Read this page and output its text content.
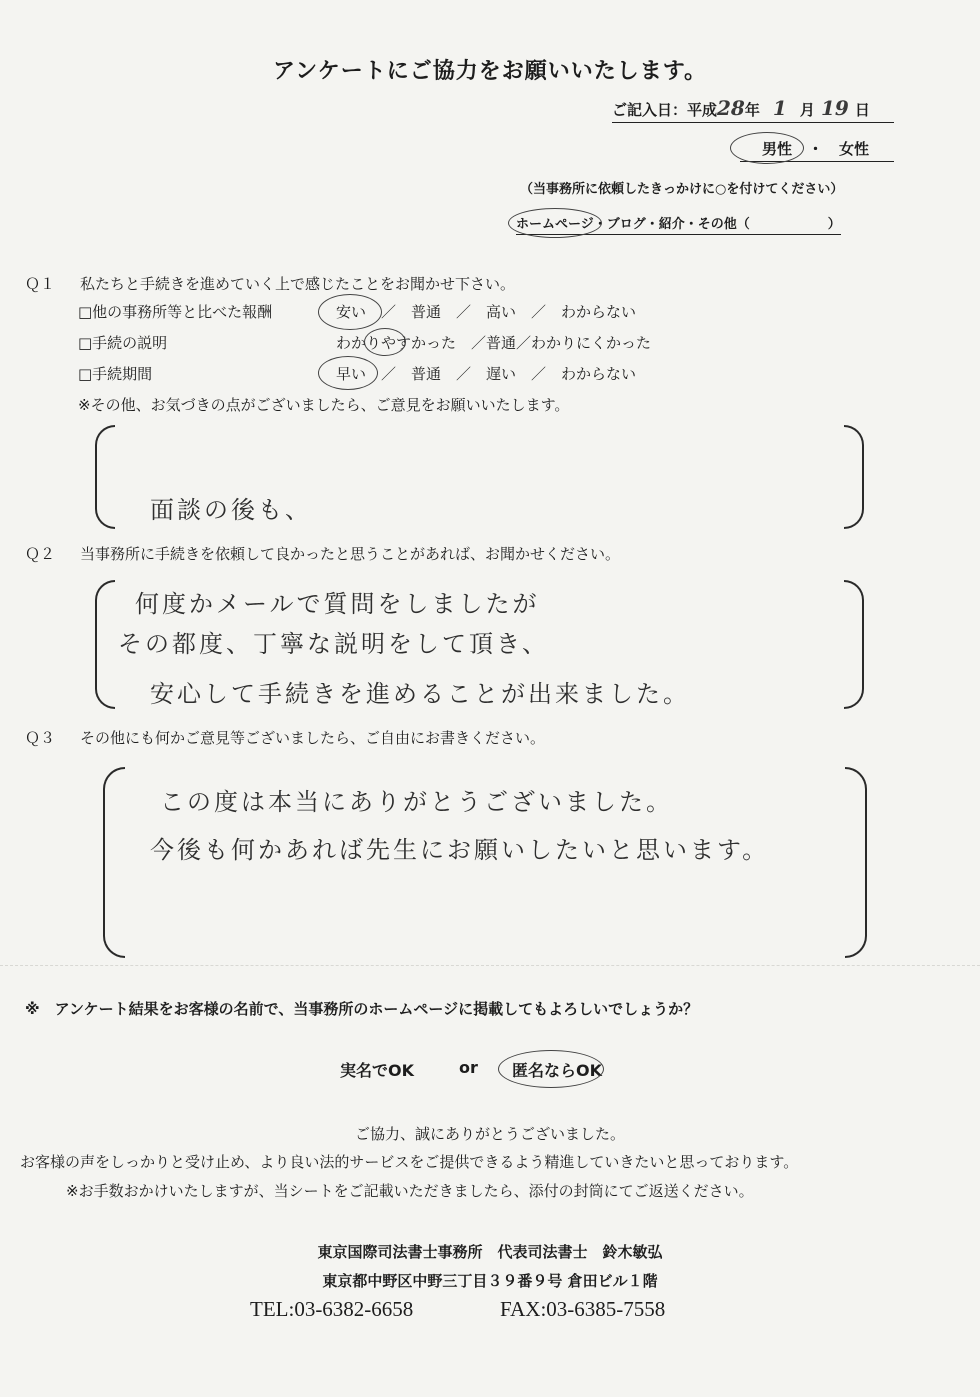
アンケートにご協力をお願いいたします。
ご記入日：平成28年 1 月 19 日
男性 ・ 女性
（当事務所に依頼したきっかけに○を付けてください）
ホームページ・ブログ・紹介・その他（　　　　　　）
Ｑ１ 私たちと手続きを進めていく上で感じたことをお聞かせ下さい。
□他の事務所等と比べた報酬	安い　／　普通　／　高い　／　わからない
□手続の説明	わかりやすかった　／普通／わかりにくかった
□手続期間	早い　／　普通　／　遅い　／　わからない
※その他、お気づきの点がございましたら、ご意見をお願いいたします。
面談の後も、
Ｑ２ 当事務所に手続きを依頼して良かったと思うことがあれば、お聞かせください。
何度かメールで質問をしましたが
その都度、丁寧な説明をして頂き、
安心して手続きを進めることが出来ました。
Ｑ３ その他にも何かご意見等ございましたら、ご自由にお書きください。
この度は本当にありがとうございました。
今後も何かあれば先生にお願いしたいと思います。
※　アンケート結果をお客様の名前で、当事務所のホームページに掲載してもよろしいでしょうか？
実名でOK	or 匿名ならOK
ご協力、誠にありがとうございました。
お客様の声をしっかりと受け止め、より良い法的サービスをご提供できるよう精進していきたいと思っております。
※お手数おかけいたしますが、当シートをご記載いただきましたら、添付の封筒にてご返送ください。
東京国際司法書士事務所　代表司法書士　鈴木敏弘
東京都中野区中野三丁目３９番９号 倉田ビル１階
TEL:03-6382-6658	FAX:03-6385-7558
